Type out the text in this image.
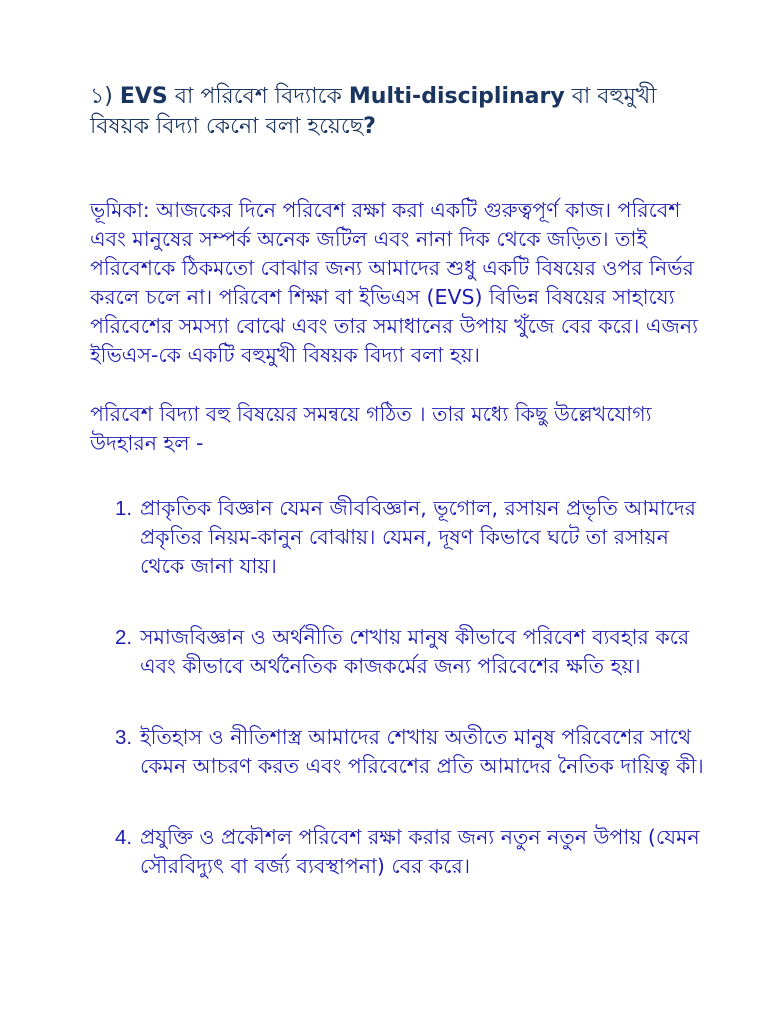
১) EVS বা পরিবেশ বিদ্যাকে Multi-disciplinary বা বহুমুখী বিষয়ক বিদ্যা কেনো বলা হয়েছে?

ভূমিকা: আজকের দিনে পরিবেশ রক্ষা করা একটি গুরুত্বপূর্ণ কাজ। পরিবেশ এবং মানুষের সম্পর্ক অনেক জটিল এবং নানা দিক থেকে জড়িত। তাই পরিবেশকে ঠিকমতো বোঝার জন্য আমাদের শুধু একটি বিষয়ের ওপর নির্ভর করলে চলে না। পরিবেশ শিক্ষা বা ইভিএস (EVS) বিভিন্ন বিষয়ের সাহায্যে পরিবেশের সমস্যা বোঝে এবং তার সমাধানের উপায় খুঁজে বের করে। এজন্য ইভিএস-কে একটি বহুমুখী বিষয়ক বিদ্যা বলা হয়।

পরিবেশ বিদ্যা বহু বিষয়ের সমন্বয়ে গঠিত । তার মধ্যে কিছু উল্লেখযোগ্য উদহারন হল -

1. প্রাকৃতিক বিজ্ঞান যেমন জীববিজ্ঞান, ভূগোল, রসায়ন প্রভৃতি আমাদের প্রকৃতির নিয়ম-কানুন বোঝায়। যেমন, দূষণ কিভাবে ঘটে তা রসায়ন থেকে জানা যায়।
2. সমাজবিজ্ঞান ও অর্থনীতি শেখায় মানুষ কীভাবে পরিবেশ ব্যবহার করে এবং কীভাবে অর্থনৈতিক কাজকর্মের জন্য পরিবেশের ক্ষতি হয়।
3. ইতিহাস ও নীতিশাস্ত্র আমাদের শেখায় অতীতে মানুষ পরিবেশের সাথে কেমন আচরণ করত এবং পরিবেশের প্রতি আমাদের নৈতিক দায়িত্ব কী।
4. প্রযুক্তি ও প্রকৌশল পরিবেশ রক্ষা করার জন্য নতুন নতুন উপায় (যেমন সৌরবিদ্যুৎ বা বর্জ্য ব্যবস্থাপনা) বের করে।
